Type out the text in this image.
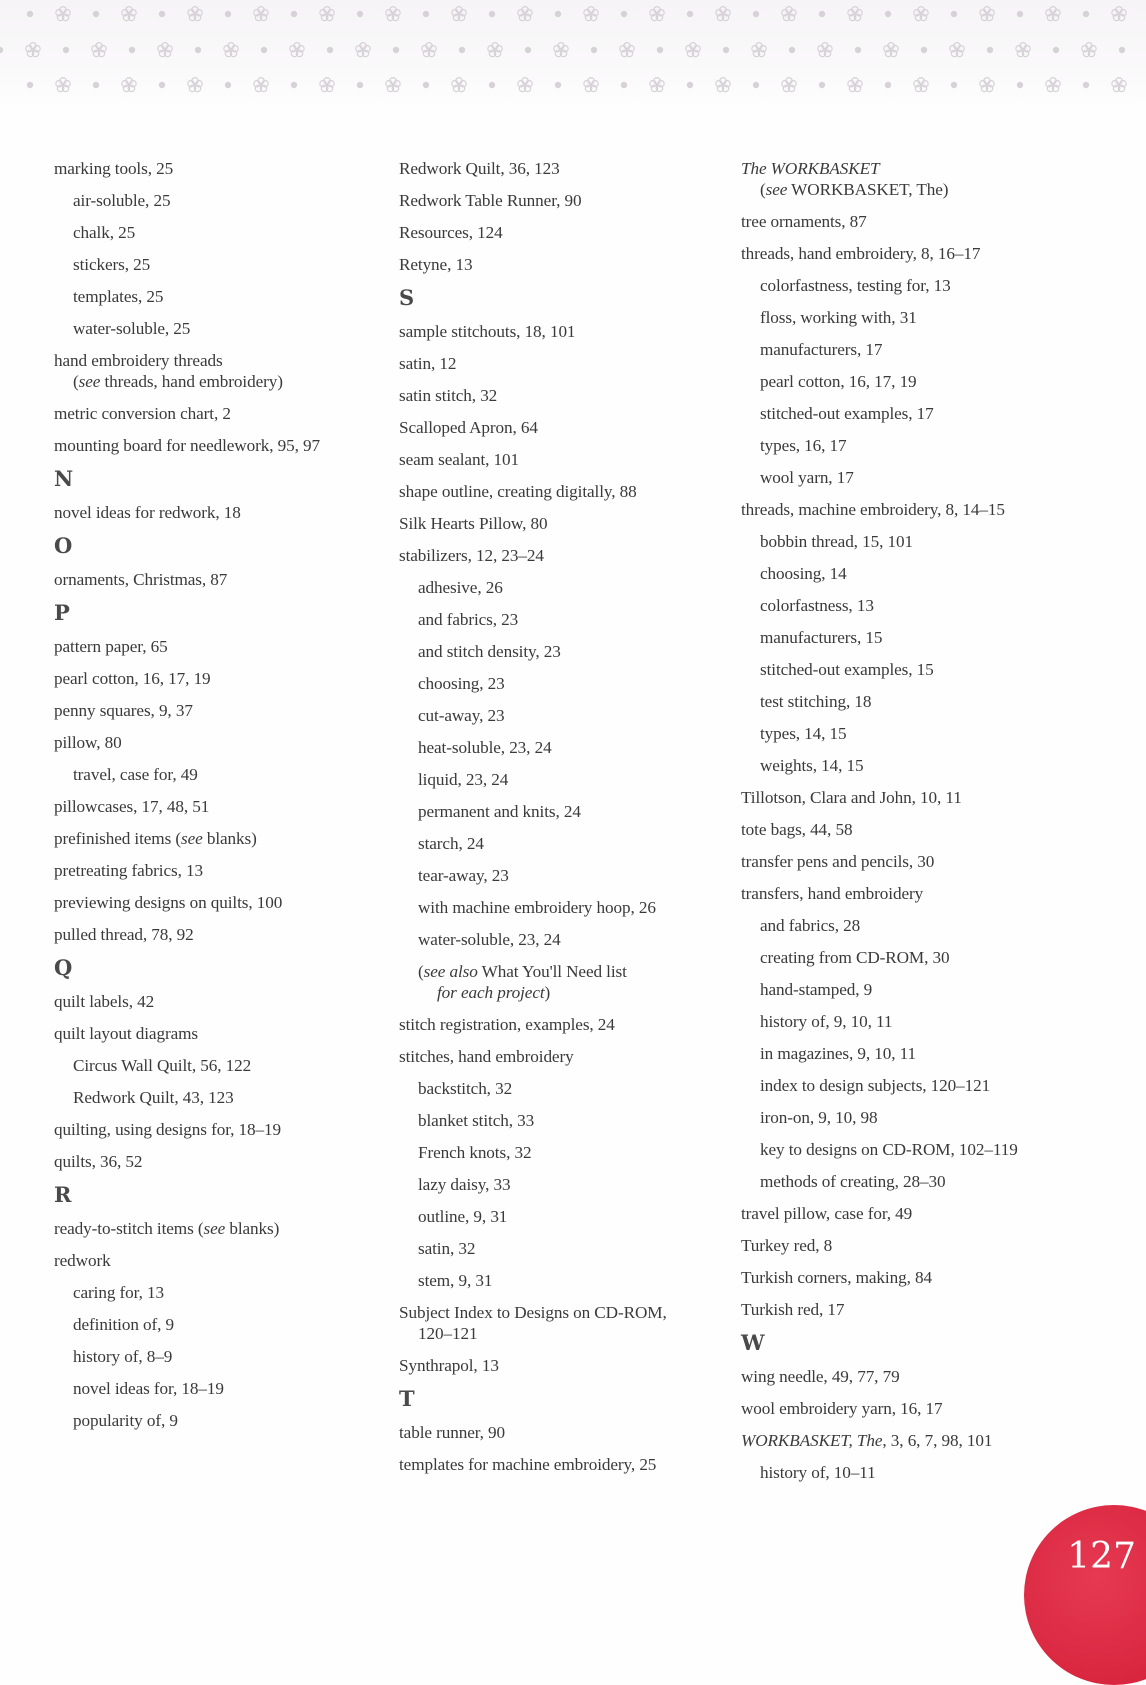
marking tools, 25
air-soluble, 25
chalk, 25
stickers, 25
templates, 25
water-soluble, 25
hand embroidery threads
(see threads, hand embroidery)
metric conversion chart, 2
mounting board for needlework, 95, 97
N
novel ideas for redwork, 18
O
ornaments, Christmas, 87
P
pattern paper, 65
pearl cotton, 16, 17, 19
penny squares, 9, 37
pillow, 80
travel, case for, 49
pillowcases, 17, 48, 51
prefinished items (see blanks)
pretreating fabrics, 13
previewing designs on quilts, 100
pulled thread, 78, 92
Q
quilt labels, 42
quilt layout diagrams
Circus Wall Quilt, 56, 122
Redwork Quilt, 43, 123
quilting, using designs for, 18–19
quilts, 36, 52
R
ready-to-stitch items (see blanks)
redwork
caring for, 13
definition of, 9
history of, 8–9
novel ideas for, 18–19
popularity of, 9
Redwork Quilt, 36, 123
Redwork Table Runner, 90
Resources, 124
Retyne, 13
S
sample stitchouts, 18, 101
satin, 12
satin stitch, 32
Scalloped Apron, 64
seam sealant, 101
shape outline, creating digitally, 88
Silk Hearts Pillow, 80
stabilizers, 12, 23–24
adhesive, 26
and fabrics, 23
and stitch density, 23
choosing, 23
cut-away, 23
heat-soluble, 23, 24
liquid, 23, 24
permanent and knits, 24
starch, 24
tear-away, 23
with machine embroidery hoop, 26
water-soluble, 23, 24
(see also What You'll Need list
for each project)
stitch registration, examples, 24
stitches, hand embroidery
backstitch, 32
blanket stitch, 33
French knots, 32
lazy daisy, 33
outline, 9, 31
satin, 32
stem, 9, 31
Subject Index to Designs on CD-ROM,
120–121
Synthrapol, 13
T
table runner, 90
templates for machine embroidery, 25
The WORKBASKET
(see WORKBASKET, The)
tree ornaments, 87
threads, hand embroidery, 8, 16–17
colorfastness, testing for, 13
floss, working with, 31
manufacturers, 17
pearl cotton, 16, 17, 19
stitched-out examples, 17
types, 16, 17
wool yarn, 17
threads, machine embroidery, 8, 14–15
bobbin thread, 15, 101
choosing, 14
colorfastness, 13
manufacturers, 15
stitched-out examples, 15
test stitching, 18
types, 14, 15
weights, 14, 15
Tillotson, Clara and John, 10, 11
tote bags, 44, 58
transfer pens and pencils, 30
transfers, hand embroidery
and fabrics, 28
creating from CD-ROM, 30
hand-stamped, 9
history of, 9, 10, 11
in magazines, 9, 10, 11
index to design subjects, 120–121
iron-on, 9, 10, 98
key to designs on CD-ROM, 102–119
methods of creating, 28–30
travel pillow, case for, 49
Turkey red, 8
Turkish corners, making, 84
Turkish red, 17
W
wing needle, 49, 77, 79
wool embroidery yarn, 16, 17
WORKBASKET, The, 3, 6, 7, 98, 101
history of, 10–11
127
